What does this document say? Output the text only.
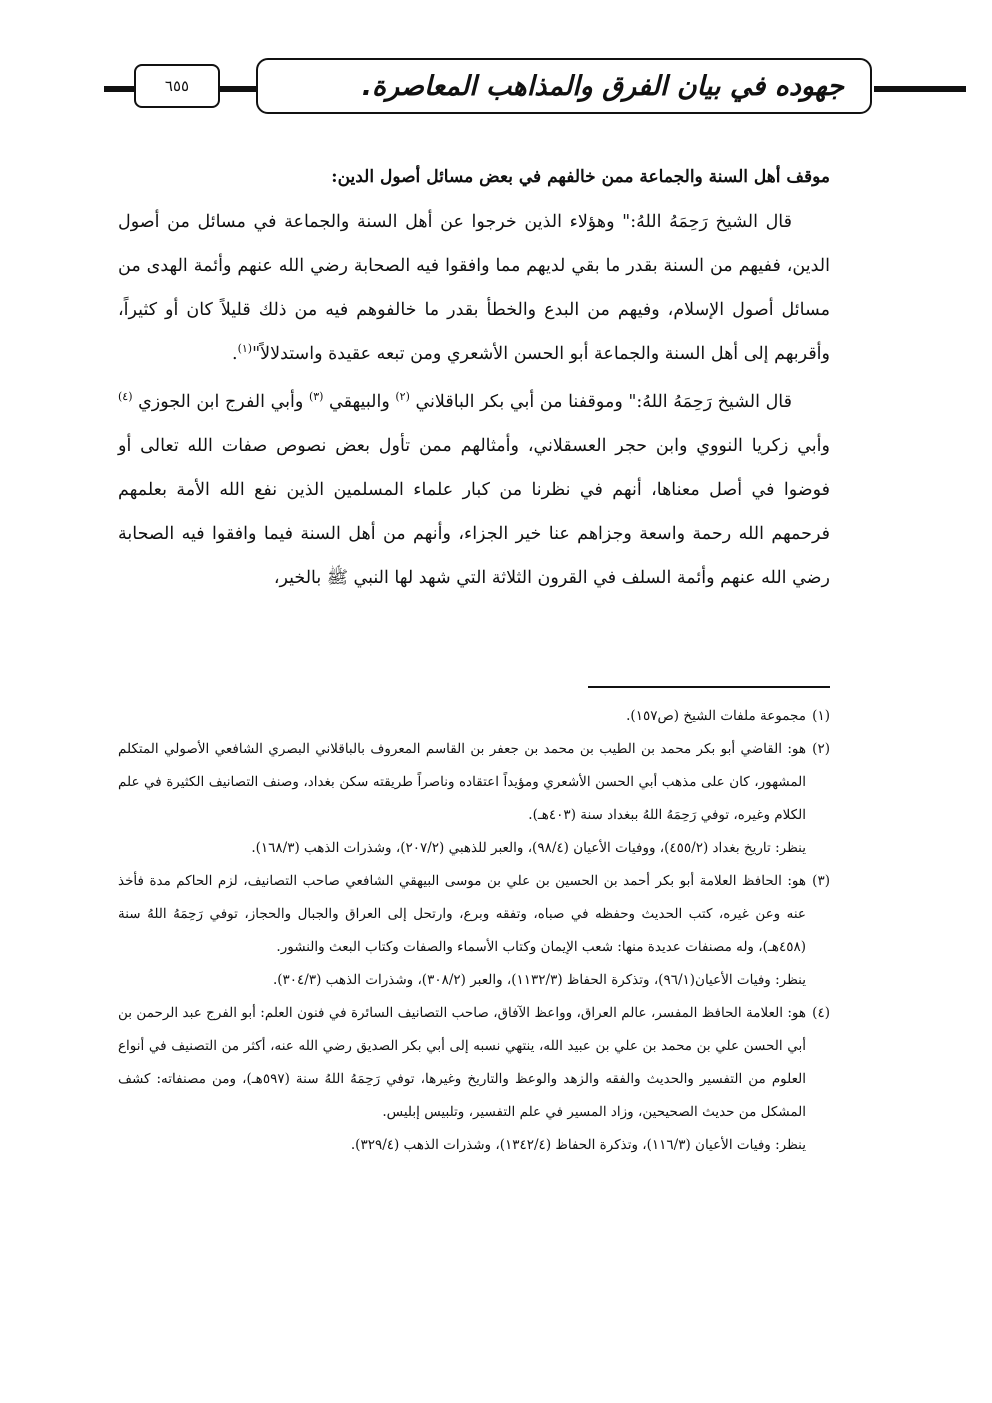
٦٥٥	جهوده في بيان الفرق والمذاهب المعاصرة.

موقف أهل السنة والجماعة ممن خالفهم في بعض مسائل أصول الدين:

قال الشيخ رَحِمَهُ اللهُ:" وهؤلاء الذين خرجوا عن أهل السنة والجماعة في مسائل من أصول الدين، ففيهم من السنة بقدر ما بقي لديهم مما وافقوا فيه الصحابة رضي الله عنهم وأئمة الهدى من مسائل أصول الإسلام، وفيهم من البدع والخطأ بقدر ما خالفوهم فيه من ذلك قليلاً كان أو كثيراً، وأقربهم إلى أهل السنة والجماعة أبو الحسن الأشعري ومن تبعه عقيدة واستدلالاً"$^{(١)}$.

قال الشيخ رَحِمَهُ اللهُ:" وموقفنا من أبي بكر الباقلاني $^{(٢)}$ والبيهقي $^{(٣)}$ وأبي الفرج ابن الجوزي $^{(٤)}$ وأبي زكريا النووي وابن حجر العسقلاني، وأمثالهم ممن تأول بعض نصوص صفات الله تعالى أو فوضوا في أصل معناها، أنهم في نظرنا من كبار علماء المسلمين الذين نفع الله الأمة بعلمهم فرحمهم الله رحمة واسعة وجزاهم عنا خير الجزاء، وأنهم من أهل السنة فيما وافقوا فيه الصحابة رضي الله عنهم وأئمة السلف في القرون الثلاثة التي شهد لها النبي ﷺ بالخير،

(١)
مجموعة ملفات الشيخ (ص١٥٧).

(٢)
هو: القاضي أبو بكر محمد بن الطيب بن محمد بن جعفر بن القاسم المعروف بالباقلاني البصري الشافعي الأصولي المتكلم المشهور، كان على مذهب أبي الحسن الأشعري ومؤيداً اعتقاده وناصراً طريقته سكن بغداد، وصنف التصانيف الكثيرة في علم الكلام وغيره، توفي رَحِمَهُ اللهُ ببغداد سنة (٤٠٣هـ).

ينظر: تاريخ بغداد (٤٥٥/٢)، ووفيات الأعيان (٩٨/٤)، والعبر للذهبي (٢٠٧/٢)، وشذرات الذهب (١٦٨/٣).

(٣)
هو: الحافظ العلامة أبو بكر أحمد بن الحسين بن علي بن موسى البيهقي الشافعي صاحب التصانيف، لزم الحاكم مدة فأخذ عنه وعن غيره، كتب الحديث وحفظه في صباه، وتفقه وبرع، وارتحل إلى العراق والجبال والحجاز، توفي رَحِمَهُ اللهُ سنة (٤٥٨هـ)، وله مصنفات عديدة منها: شعب الإيمان وكتاب الأسماء والصفات وكتاب البعث والنشور.

ينظر: وفيات الأعيان(٩٦/١)، وتذكرة الحفاظ (١١٣٢/٣)، والعبر (٣٠٨/٢)، وشذرات الذهب (٣٠٤/٣).

(٤)
هو: العلامة الحافظ المفسر، عالم العراق، وواعظ الآفاق، صاحب التصانيف السائرة في فنون العلم: أبو الفرج عبد الرحمن بن أبي الحسن علي بن محمد بن علي بن عبيد الله، ينتهي نسبه إلى أبي بكر الصديق رضي الله عنه، أكثر من التصنيف في أنواع العلوم من التفسير والحديث والفقه والزهد والوعظ والتاريخ وغيرها، توفي رَحِمَهُ اللهُ سنة (٥٩٧هـ)، ومن مصنفاته: كشف المشكل من حديث الصحيحين، وزاد المسير في علم التفسير، وتلبيس إبليس.

ينظر: وفيات الأعيان (١١٦/٣)، وتذكرة الحفاظ (١٣٤٢/٤)، وشذرات الذهب (٣٢٩/٤).
